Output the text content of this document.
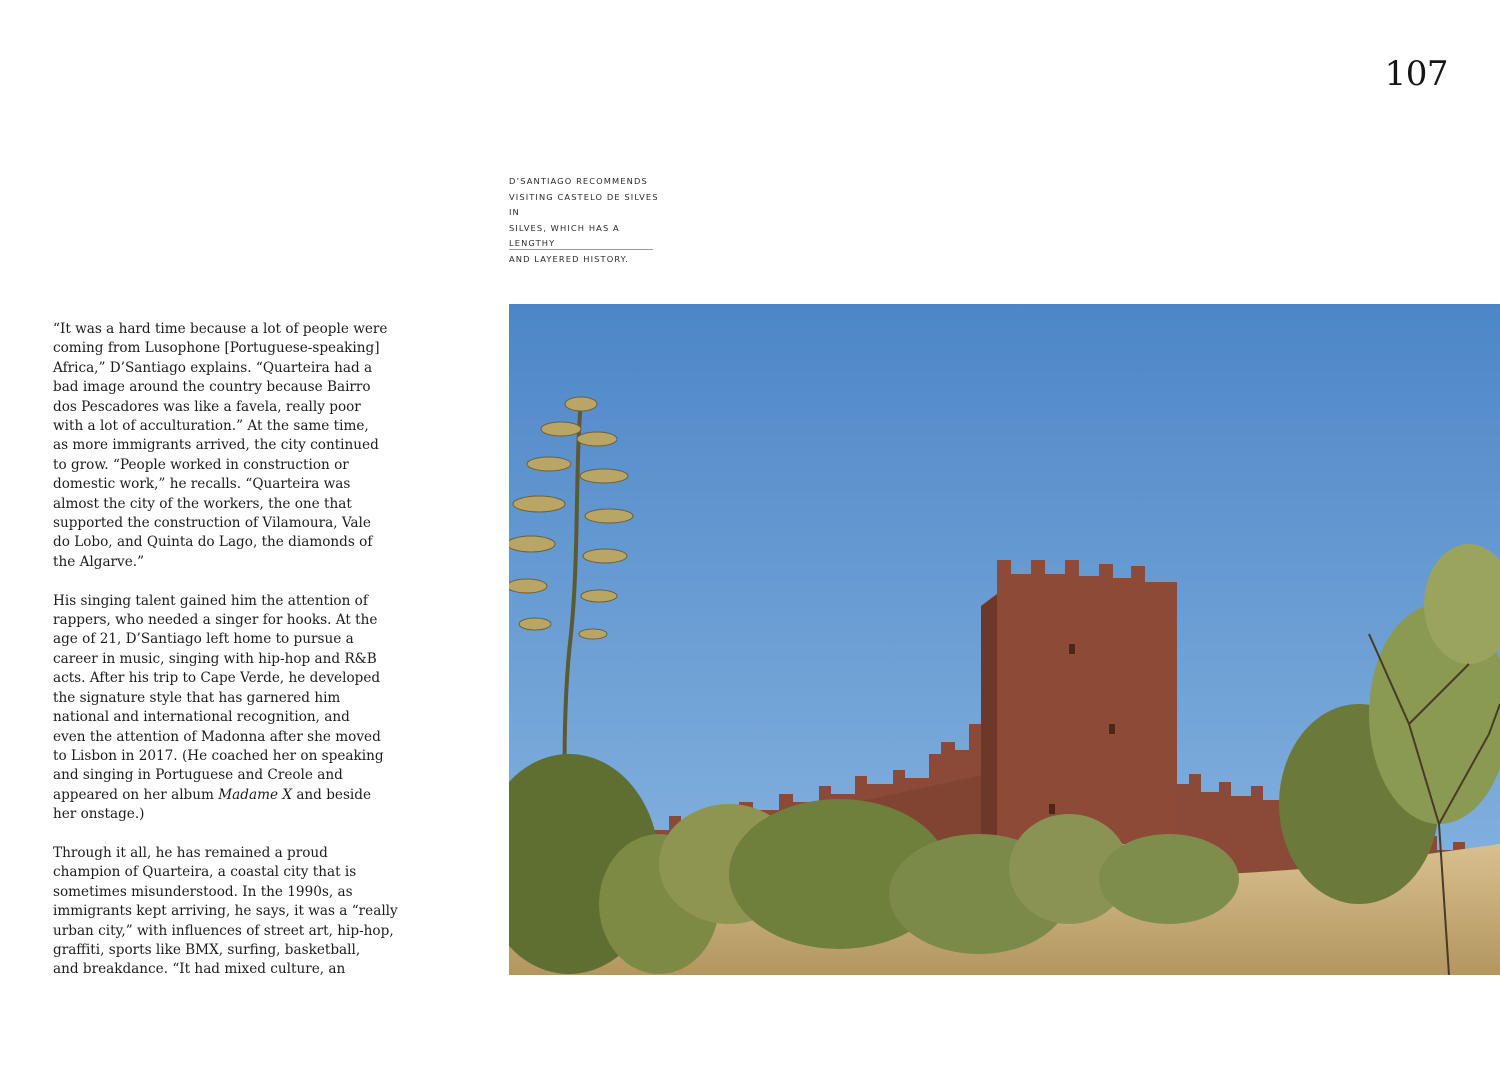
107
D’SANTIAGO RECOMMENDS
VISITING CASTELO DE SILVES IN
SILVES, WHICH HAS A LENGTHY
AND LAYERED HISTORY.

“It was a hard time because a lot of people were
coming from Lusophone [Portuguese-speaking]
Africa,” D’Santiago explains. “Quarteira had a
bad image around the country because Bairro
dos Pescadores was like a favela, really poor
with a lot of acculturation.” At the same time,
as more immigrants arrived, the city continued
to grow. “People worked in construction or
domestic work,” he recalls. “Quarteira was
almost the city of the workers, the one that
supported the construction of Vilamoura, Vale
do Lobo, and Quinta do Lago, the diamonds of
the Algarve.”

His singing talent gained him the attention of
rappers, who needed a singer for hooks. At the
age of 21, D’Santiago left home to pursue a
career in music, singing with hip-hop and R&B
acts. After his trip to Cape Verde, he developed
the signature style that has garnered him
national and international recognition, and
even the attention of Madonna after she moved
to Lisbon in 2017. (He coached her on speaking
and singing in Portuguese and Creole and
appeared on her album Madame X and beside
her onstage.)

Through it all, he has remained a proud
champion of Quarteira, a coastal city that is
sometimes misunderstood. In the 1990s, as
immigrants kept arriving, he says, it was a “really
urban city,” with influences of street art, hip-hop,
graffiti, sports like BMX, surfing, basketball,
and breakdance. “It had mixed culture, an
